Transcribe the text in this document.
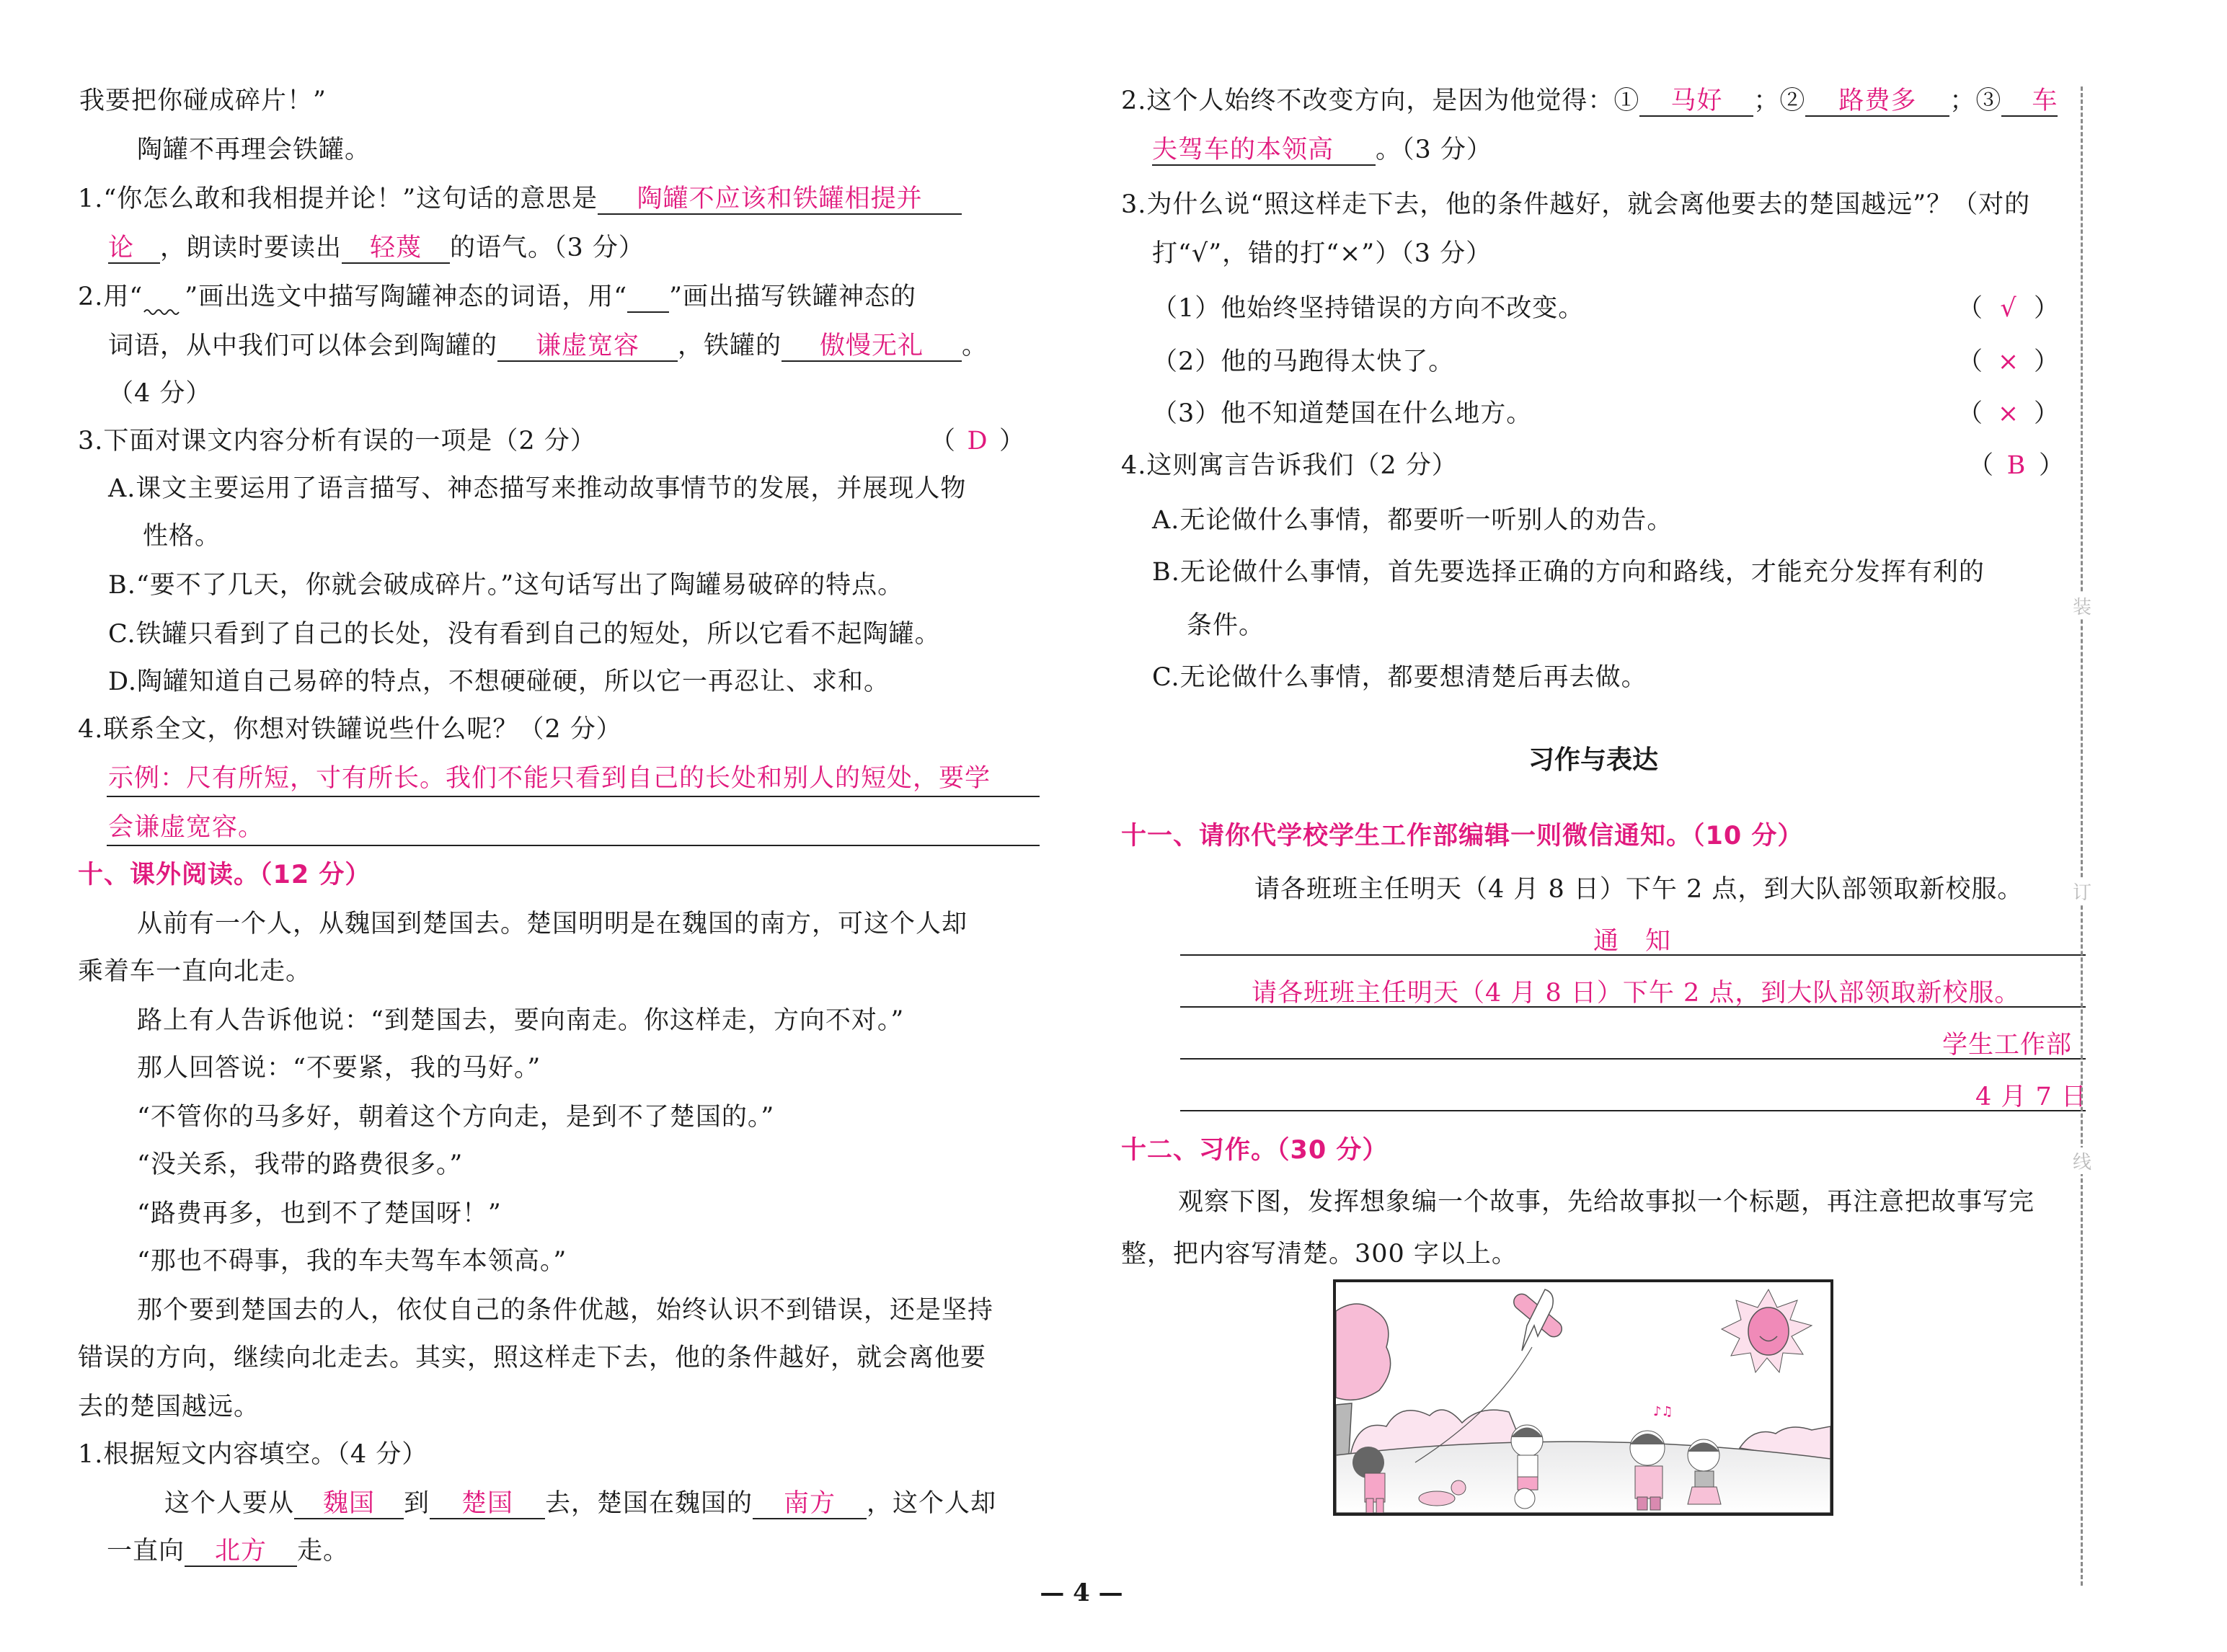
我要把你碰成碎片！”
陶罐不再理会铁罐。
1.“你怎么敢和我相提并论！”这句话的意思是 陶罐不应该和铁罐相提并
论 ，朗读时要读出 轻蔑 的语气。（3 分）
2.用“ ”画出选文中描写陶罐神态的词语，用“ ”画出描写铁罐神态的
词语，从中我们可以体会到陶罐的 谦虚宽容 ，铁罐的 傲慢无礼 。
（4 分）
3.下面对课文内容分析有误的一项是（2 分）	（ D ）
A.课文主要运用了语言描写、神态描写来推动故事情节的发展，并展现人物
性格。
B.“要不了几天，你就会破成碎片。”这句话写出了陶罐易破碎的特点。
C.铁罐只看到了自己的长处，没有看到自己的短处，所以它看不起陶罐。
D.陶罐知道自己易碎的特点，不想硬碰硬，所以它一再忍让、求和。
4.联系全文，你想对铁罐说些什么呢？（2 分）
示例：尺有所短，寸有所长。我们不能只看到自己的长处和别人的短处，要学
会谦虚宽容。
十、课外阅读。（12 分）
从前有一个人，从魏国到楚国去。楚国明明是在魏国的南方，可这个人却
乘着车一直向北走。
路上有人告诉他说：“到楚国去，要向南走。你这样走，方向不对。”
那人回答说：“不要紧，我的马好。”
“不管你的马多好，朝着这个方向走，是到不了楚国的。”
“没关系，我带的路费很多。”
“路费再多，也到不了楚国呀！”
“那也不碍事，我的车夫驾车本领高。”
那个要到楚国去的人，依仗自己的条件优越，始终认识不到错误，还是坚持
错误的方向，继续向北走去。其实，照这样走下去，他的条件越好，就会离他要
去的楚国越远。
1.根据短文内容填空。（4 分）
这个人要从 魏国 到 楚国 去，楚国在魏国的 南方 ，这个人却
一直向 北方 走。
2.这个人始终不改变方向，是因为他觉得：① 马好 ；② 路费多 ；③ 车
夫驾车的本领高 。（3 分）
3.为什么说“照这样走下去，他的条件越好，就会离他要去的楚国越远”？（对的
打“√”，错的打“×”）（3 分）
（1）他始终坚持错误的方向不改变。	（ √ ）
（2）他的马跑得太快了。	（ × ）
（3）他不知道楚国在什么地方。	（ × ）
4.这则寓言告诉我们（2 分）	（ B ）
A.无论做什么事情，都要听一听别人的劝告。
B.无论做什么事情，首先要选择正确的方向和路线，才能充分发挥有利的
条件。
C.无论做什么事情，都要想清楚后再去做。
习作与表达
十一、请你代学校学生工作部编辑一则微信通知。（10 分）
请各班班主任明天（4 月 8 日）下午 2 点，到大队部领取新校服。
通　知
请各班班主任明天（4 月 8 日）下午 2 点，到大队部领取新校服。
学生工作部
4 月 7 日
十二、习作。（30 分）
观察下图，发挥想象编一个故事，先给故事拟一个标题，再注意把故事写完
整，把内容写清楚。300 字以上。
♪♫
装
订
线
— 4 —
